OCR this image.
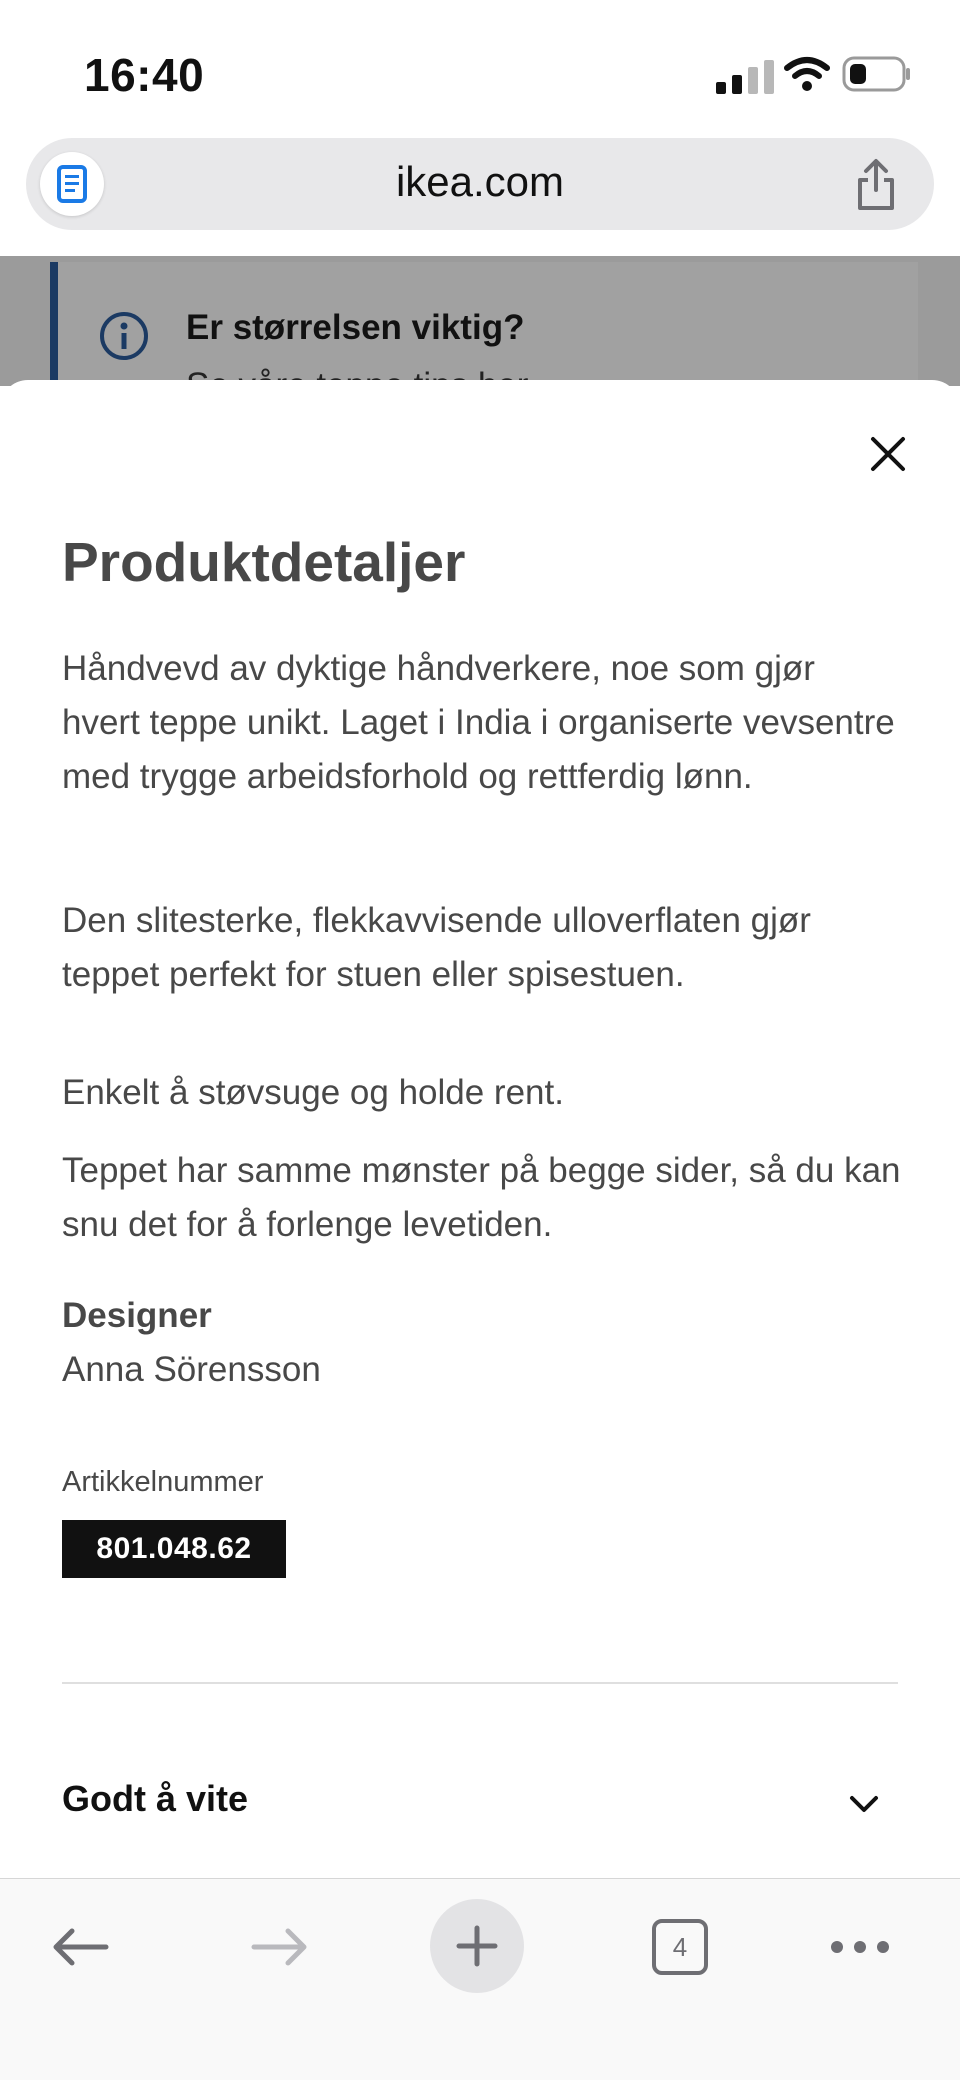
16:40
ikea.com
Er størrelsen viktig?
Produktdetaljer

Håndvevd av dyktige håndverkere, noe som gjør hvert teppe unikt. Laget i India i organiserte vevsentre med trygge arbeidsforhold og rettferdig lønn.

Den slitesterke, flekkavvisende ulloverflaten gjør teppet perfekt for stuen eller spisestuen.

Enkelt å støvsuge og holde rent.

Teppet har samme mønster på begge sider, så du kan snu det for å forlenge levetiden.

Designer
Anna Sörensson
Artikkelnummer
801.048.62
Godt å vite
4
